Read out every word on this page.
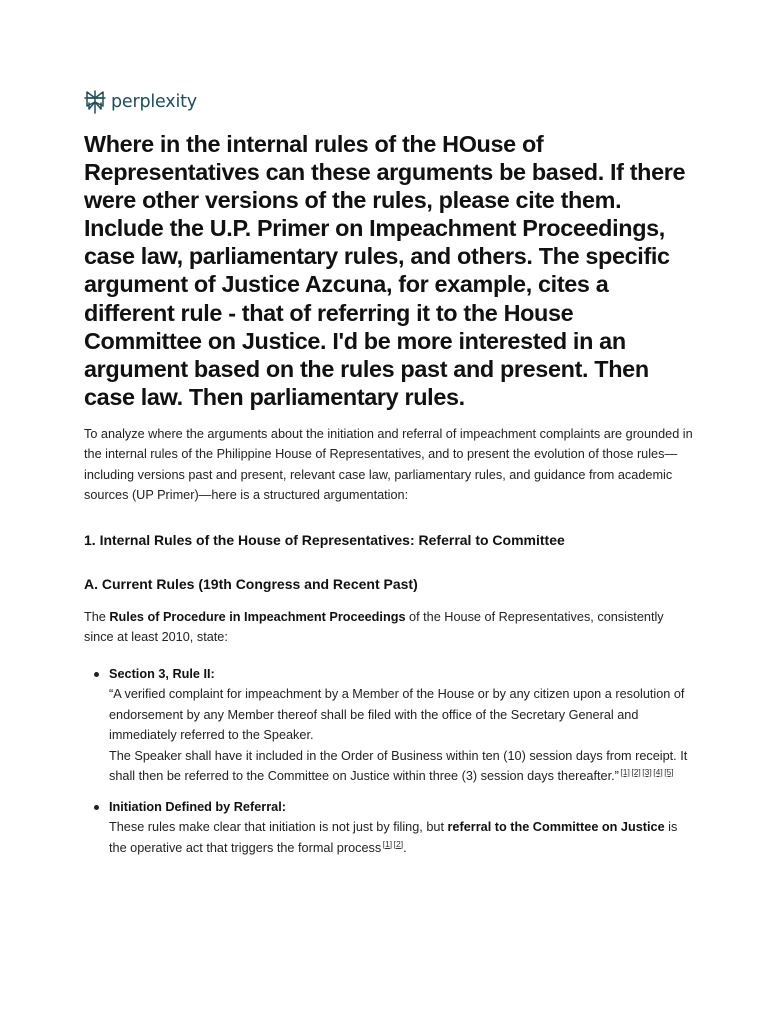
perplexity
Where in the internal rules of the HOuse of Representatives can these arguments be based. If there were other versions of the rules, please cite them. Include the U.P. Primer on Impeachment Proceedings, case law, parliamentary rules, and others. The specific argument of Justice Azcuna, for example, cites a different rule - that of referring it to the House Committee on Justice. I'd be more interested in an argument based on the rules past and present. Then case law. Then parliamentary rules.

To analyze where the arguments about the initiation and referral of impeachment complaints are grounded in the internal rules of the Philippine House of Representatives, and to present the evolution of those rules—including versions past and present, relevant case law, parliamentary rules, and guidance from academic sources (UP Primer)—here is a structured argumentation:

1. Internal Rules of the House of Representatives: Referral to Committee
A. Current Rules (19th Congress and Recent Past)

The Rules of Procedure in Impeachment Proceedings of the House of Representatives, consistently since at least 2010, state:

Section 3, Rule II:
“A verified complaint for impeachment by a Member of the House or by any citizen upon a resolution of endorsement by any Member thereof shall be filed with the office of the Secretary General and immediately referred to the Speaker.
The Speaker shall have it included in the Order of Business within ten (10) session days from receipt. It shall then be referred to the Committee on Justice within three (3) session days thereafter.” [1] [2] [3] [4] [5]
Initiation Defined by Referral:
These rules make clear that initiation is not just by filing, but referral to the Committee on Justice is the operative act that triggers the formal process [1] [2].
